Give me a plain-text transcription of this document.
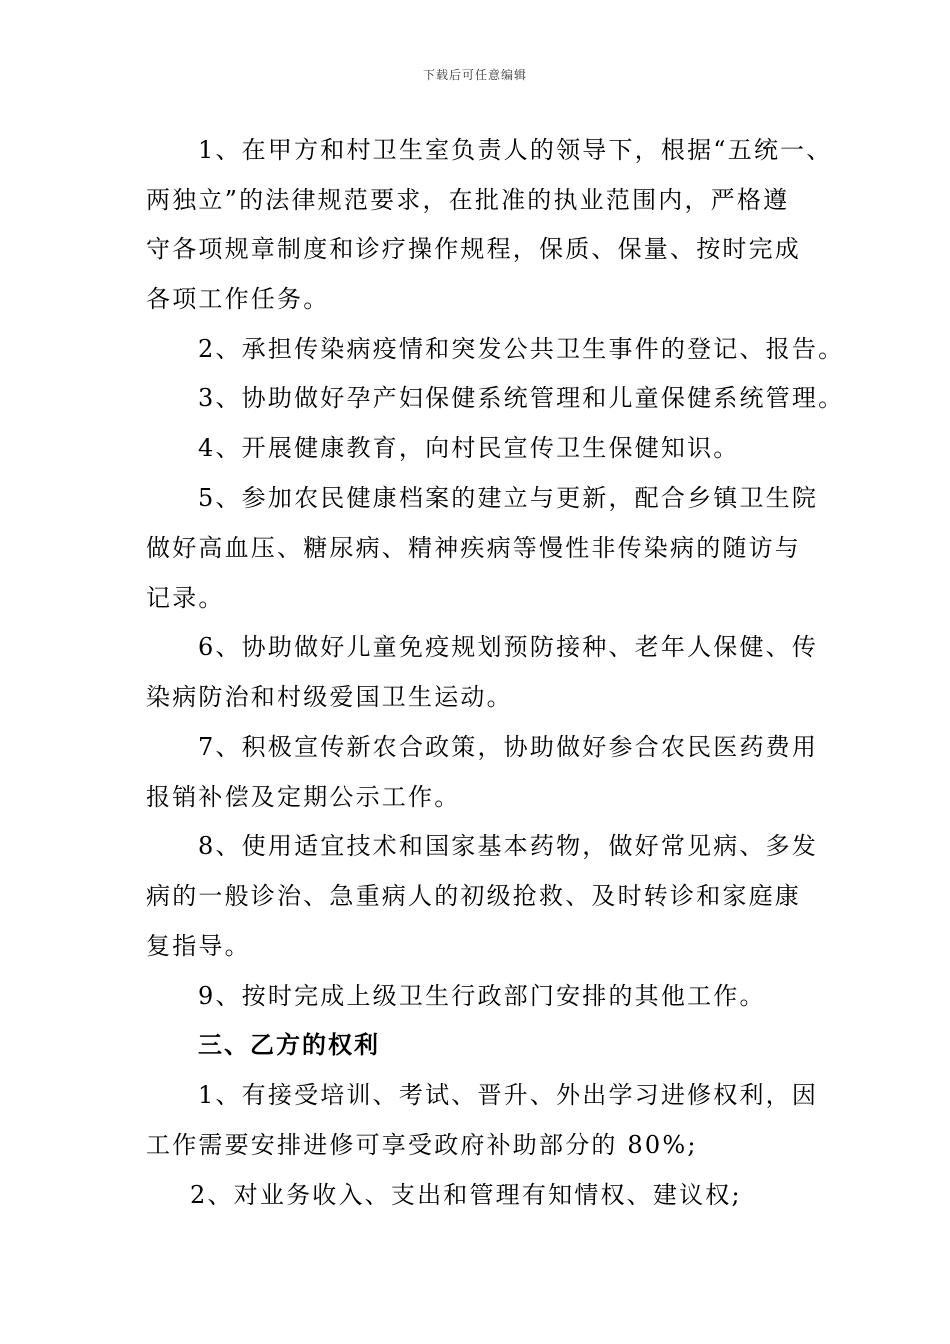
下载后可任意编辑
1、在甲方和村卫生室负责人的领导下，根据“五统一、
两独立”的法律规范要求，在批准的执业范围内，严格遵
守各项规章制度和诊疗操作规程，保质、保量、按时完成
各项工作任务。
2、承担传染病疫情和突发公共卫生事件的登记、报告。
3、协助做好孕产妇保健系统管理和儿童保健系统管理。
4、开展健康教育，向村民宣传卫生保健知识。
5、参加农民健康档案的建立与更新，配合乡镇卫生院
做好高血压、糖尿病、精神疾病等慢性非传染病的随访与
记录。
6、协助做好儿童免疫规划预防接种、老年人保健、传
染病防治和村级爱国卫生运动。
7、积极宣传新农合政策，协助做好参合农民医药费用
报销补偿及定期公示工作。
8、使用适宜技术和国家基本药物，做好常见病、多发
病的一般诊治、急重病人的初级抢救、及时转诊和家庭康
复指导。
9、按时完成上级卫生行政部门安排的其他工作。
三、乙方的权利
1、有接受培训、考试、晋升、外出学习进修权利，因
工作需要安排进修可享受政府补助部分的 80%;
2、对业务收入、支出和管理有知情权、建议权;
